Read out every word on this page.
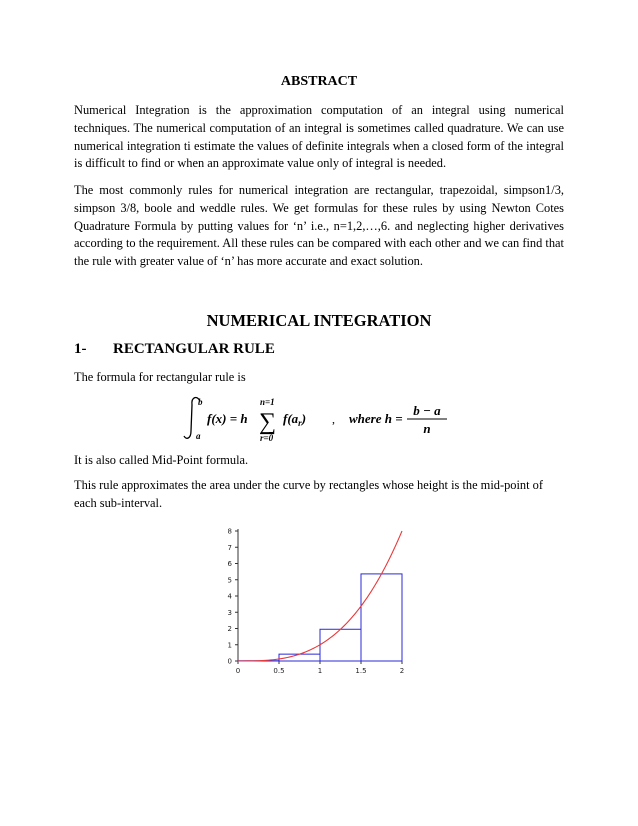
ABSTRACT

Numerical Integration is the approximation computation of an integral using numerical techniques. The numerical computation of an integral is sometimes called quadrature. We can use numerical integration ti estimate the values of definite integrals when a closed form of the integral is difficult to find or when an approximate value only of integral is needed.

The most commonly rules for numerical integration are rectangular, trapezoidal, simpson1/3, simpson 3/8, boole and weddle rules. We get formulas for these rules by using Newton Cotes Quadrature Formula by putting values for ‘n’ i.e., n=1,2,…,6. and neglecting higher derivatives according to the requirement. All these rules can be compared with each other and we can find that the rule with greater value of ‘n’ has more accurate and exact solution.

NUMERICAL INTEGRATION
1- RECTANGULAR RULE

The formula for rectangular rule is

b
a
f(x) = h
n=1
∑
r=0
$f(a_r)$ , where h =
b − a
n

It is also called Mid-Point formula.

This rule approximates the area under the curve by rectangles whose height is the mid-point of each sub-interval.

0	0.5	1	1.5	2
0
1
2
3
4
5
6
7
8
